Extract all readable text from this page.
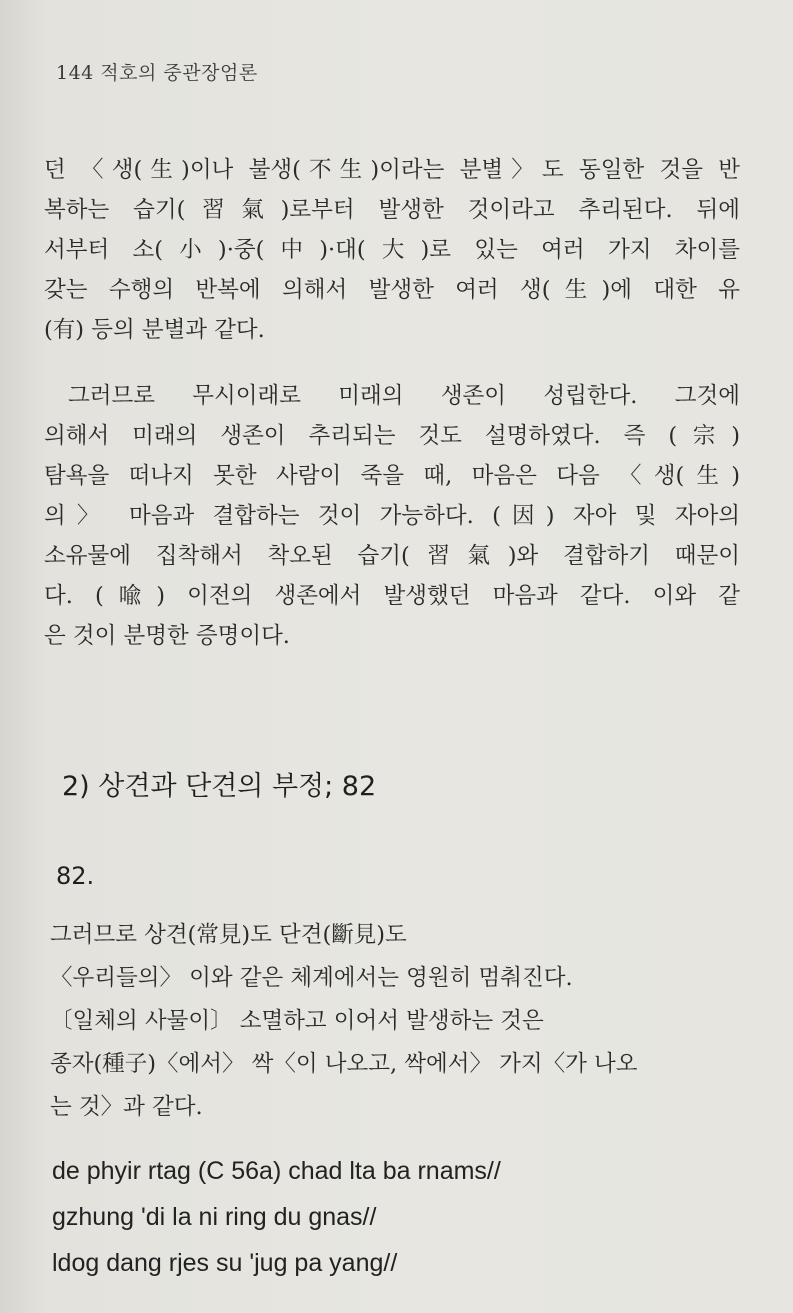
144 적호의 중관장엄론
던 〈생(生)이나 불생(不生)이라는 분별〉도 동일한 것을 반
복하는 습기(習氣)로부터 발생한 것이라고 추리된다. 뒤에
서부터 소(小)·중(中)·대(大)로 있는 여러 가지 차이를
갖는 수행의 반복에 의해서 발생한 여러 생(生)에 대한 유
(有) 등의 분별과 같다.
그러므로 무시이래로 미래의 생존이 성립한다. 그것에
의해서 미래의 생존이 추리되는 것도 설명하였다. 즉 (宗)
탐욕을 떠나지 못한 사람이 죽을 때, 마음은 다음 〈생(生)
의〉 마음과 결합하는 것이 가능하다. (因) 자아 및 자아의
소유물에 집착해서 착오된 습기(習氣)와 결합하기 때문이
다. (喩) 이전의 생존에서 발생했던 마음과 같다. 이와 같
은 것이 분명한 증명이다.
2) 상견과 단견의 부정; 82
82.
그러므로 상견(常見)도 단견(斷見)도
〈우리들의〉 이와 같은 체계에서는 영원히 멈춰진다.
〔일체의 사물이〕 소멸하고 이어서 발생하는 것은
종자(種子)〈에서〉 싹〈이 나오고, 싹에서〉 가지〈가 나오
는 것〉과 같다.
de phyir rtag (C 56a) chad lta ba rnams//
gzhung 'di la ni ring du gnas//
ldog dang rjes su 'jug pa yang//
